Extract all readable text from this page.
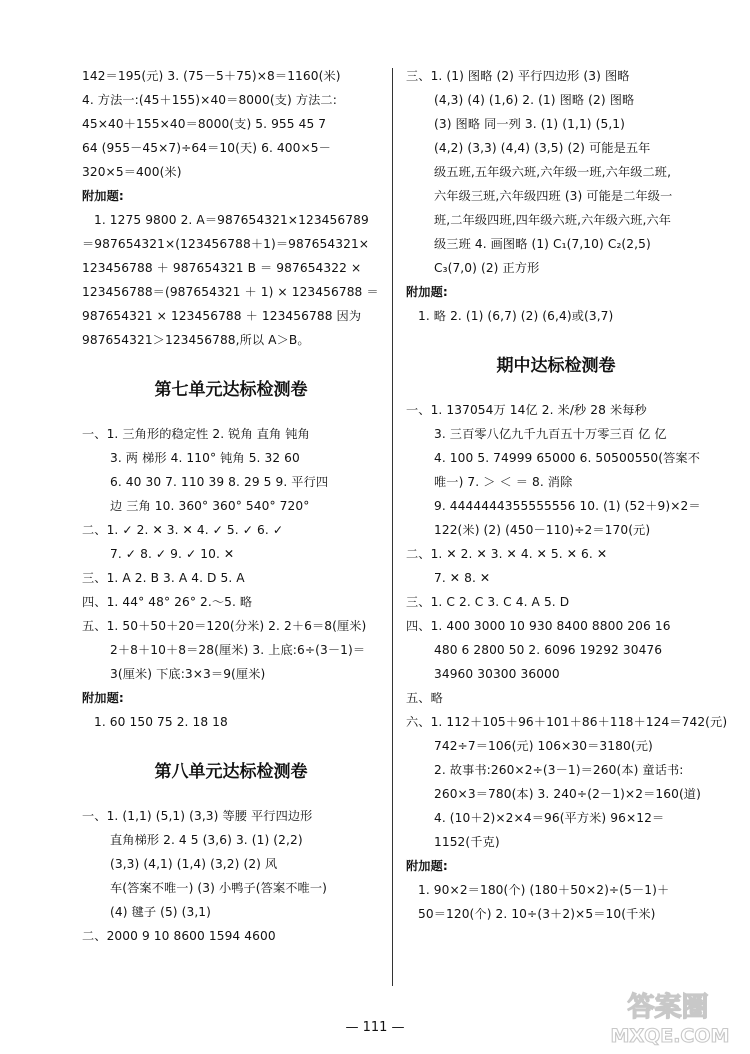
142＝195(元) 3. (75－5＋75)×8＝1160(米)
4. 方法一:(45＋155)×40＝8000(支) 方法二:
45×40＋155×40＝8000(支) 5. 955 45 7
64 (955－45×7)÷64＝10(天) 6. 400×5－
320×5＝400(米)
附加题:
1. 1275 9800 2. A＝987654321×123456789
＝987654321×(123456788＋1)＝987654321×
123456788 ＋ 987654321 B ＝ 987654322 ×
123456788＝(987654321 ＋ 1) × 123456788 ＝
987654321 × 123456788 ＋ 123456788 因为
987654321＞123456788,所以 A＞B。
第七单元达标检测卷
一、1. 三角形的稳定性 2. 锐角 直角 钝角
3. 两 梯形 4. 110° 钝角 5. 32 60
6. 40 30 7. 110 39 8. 29 5 9. 平行四
边 三角 10. 360° 360° 540° 720°
二、1. ✓ 2. ✕ 3. ✕ 4. ✓ 5. ✓ 6. ✓
7. ✓ 8. ✓ 9. ✓ 10. ✕
三、1. A 2. B 3. A 4. D 5. A
四、1. 44° 48° 26° 2.～5. 略
五、1. 50＋50＋20＝120(分米) 2. 2＋6＝8(厘米)
2＋8＋10＋8＝28(厘米) 3. 上底:6÷(3－1)＝
3(厘米) 下底:3×3＝9(厘米)
附加题:
1. 60 150 75 2. 18 18
第八单元达标检测卷
一、1. (1,1) (5,1) (3,3) 等腰 平行四边形
直角梯形 2. 4 5 (3,6) 3. (1) (2,2)
(3,3) (4,1) (1,4) (3,2) (2) 风
车(答案不唯一) (3) 小鸭子(答案不唯一)
(4) 毽子 (5) (3,1)
二、2000 9 10 8600 1594 4600
三、1. (1) 图略 (2) 平行四边形 (3) 图略
(4,3) (4) (1,6) 2. (1) 图略 (2) 图略
(3) 图略 同一列 3. (1) (1,1) (5,1)
(4,2) (3,3) (4,4) (3,5) (2) 可能是五年
级五班,五年级六班,六年级一班,六年级二班,
六年级三班,六年级四班 (3) 可能是二年级一
班,二年级四班,四年级六班,六年级六班,六年
级三班 4. 画图略 (1) C₁(7,10) C₂(2,5)
C₃(7,0) (2) 正方形
附加题:
1. 略 2. (1) (6,7) (2) (6,4)或(3,7)
期中达标检测卷
一、1. 137054万 14亿 2. 米/秒 28 米每秒
3. 三百零八亿九千九百五十万零三百 亿 亿
4. 100 5. 74999 65000 6. 50500550(答案不
唯一) 7. ＞ ＜ ＝ 8. 消除
9. 4444444355555556 10. (1) (52＋9)×2＝
122(米) (2) (450－110)÷2＝170(元)
二、1. ✕ 2. ✕ 3. ✕ 4. ✕ 5. ✕ 6. ✕
7. ✕ 8. ✕
三、1. C 2. C 3. C 4. A 5. D
四、1. 400 3000 10 930 8400 8800 206 16
480 6 2800 50 2. 6096 19292 30476
34960 30300 36000
五、略
六、1. 112＋105＋96＋101＋86＋118＋124＝742(元)
742÷7＝106(元) 106×30＝3180(元)
2. 故事书:260×2÷(3－1)＝260(本) 童话书:
260×3＝780(本) 3. 240÷(2－1)×2＝160(道)
4. (10＋2)×2×4＝96(平方米) 96×12＝
1152(千克)
附加题:
1. 90×2＝180(个) (180＋50×2)÷(5－1)＋
50＝120(个) 2. 10÷(3＋2)×5＝10(千米)
— 111 —
答案圈
MXQE.COM
